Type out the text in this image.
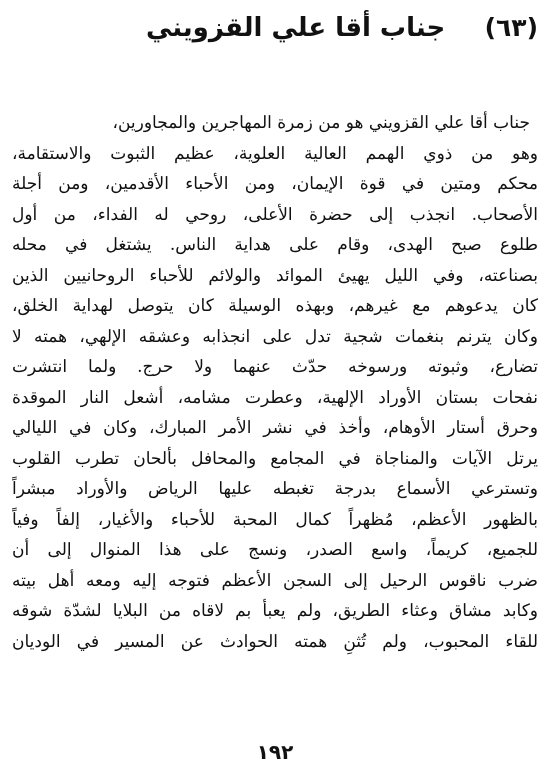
(٦٣)
جناب أقا علي القزويني
جناب أقا علي القزويني هو من زمرة المهاجرين والمجاورين،
وهو من ذوي الهمم العالية العلوية، عظيم الثبوت والاستقامة،
محكم ومتين في قوة الإيمان، ومن الأحباء الأقدمين، ومن أجلة
الأصحاب. انجذب إلى حضرة الأعلى، روحي له الفداء، من أول
طلوع صبح الهدى، وقام على هداية الناس. يشتغل في محله
بصناعته، وفي الليل يهيئ الموائد والولائم للأحباء الروحانيين الذين
كان يدعوهم مع غيرهم، وبهذه الوسيلة كان يتوصل لهداية الخلق،
وكان يترنم بنغمات شجية تدل على انجذابه وعشقه الإلهي، همته لا
تضارع، وثبوته ورسوخه حدّث عنهما ولا حرج. ولما انتشرت
نفحات بستان الأوراد الإلهية، وعطرت مشامه، أشعل النار الموقدة
وحرق أستار الأوهام، وأخذ في نشر الأمر المبارك، وكان في الليالي
يرتل الآيات والمناجاة في المجامع والمحافل بألحان تطرب القلوب
وتسترعي الأسماع بدرجة تغبطه عليها الرياض والأوراد مبشراً
بالظهور الأعظم، مُظهراً كمال المحبة للأحباء والأغيار، إلفاً وفياً
للجميع، كريماً، واسع الصدر، ونسج على هذا المنوال إلى أن
ضرب ناقوس الرحيل إلى السجن الأعظم فتوجه إليه ومعه أهل بيته
وكابد مشاق وعثاء الطريق، ولم يعبأ بم لاقاه من البلايا لشدّة شوقه
للقاء المحبوب، ولم تُثنِ همته الحوادث عن المسير في الوديان
١٩٢
